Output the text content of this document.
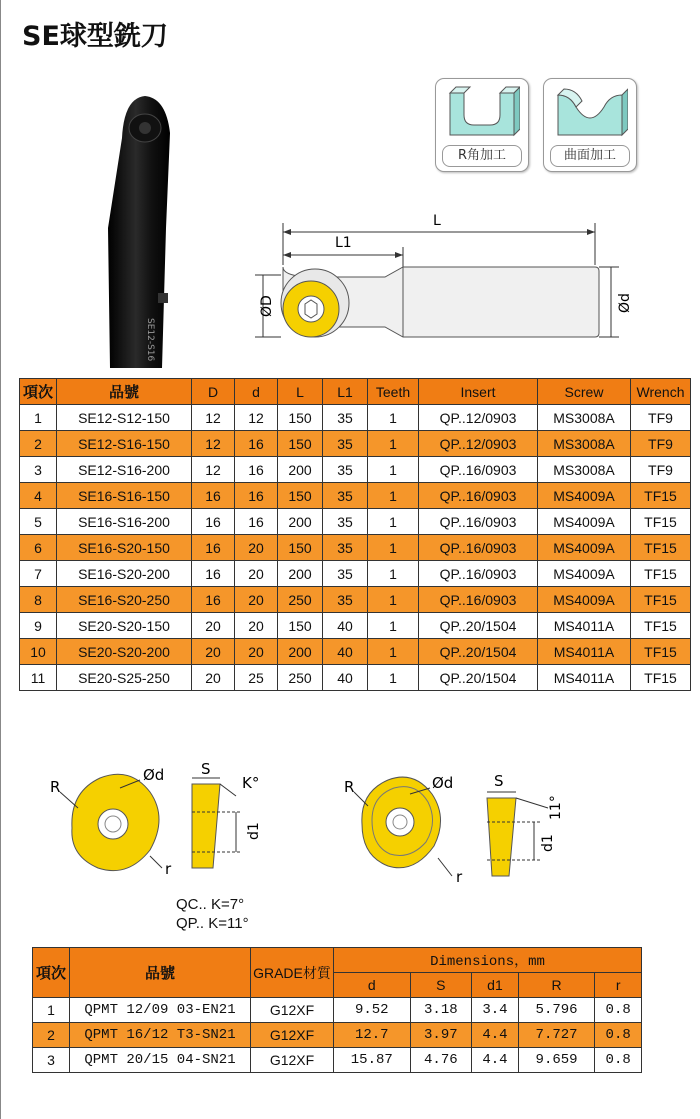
SE球型銑刀
SE12-S16
R角加工	曲面加工
L
L1
ØD	Ød
項次	品號	D	d	L	L1	Teeth	Insert	Screw	Wrench
1	SE12-S12-150	12	12	150	35	1	QP..12/0903	MS3008A	TF9
2	SE12-S16-150	12	16	150	35	1	QP..12/0903	MS3008A	TF9
3	SE12-S16-200	12	16	200	35	1	QP..16/0903	MS3008A	TF9
4	SE16-S16-150	16	16	150	35	1	QP..16/0903	MS4009A	TF15
5	SE16-S16-200	16	16	200	35	1	QP..16/0903	MS4009A	TF15
6	SE16-S20-150	16	20	150	35	1	QP..16/0903	MS4009A	TF15
7	SE16-S20-200	16	20	200	35	1	QP..16/0903	MS4009A	TF15
8	SE16-S20-250	16	20	250	35	1	QP..16/0903	MS4009A	TF15
9	SE20-S20-150	20	20	150	40	1	QP..20/1504	MS4011A	TF15
10	SE20-S20-200	20	20	200	40	1	QP..20/1504	MS4011A	TF15
11	SE20-S25-250	20	25	250	40	1	QP..20/1504	MS4011A	TF15
R
Ød
r
d1
S
K°	R	Ød
r
d1
S
11°
QC.. K=7°
QP.. K=11°
項次	品號	GRADE材質	Dimensions，mm				
			d	S	d1	R	r
1	QPMT 12/09 03-EN21	G12XF	9.52	3.18	3.4	5.796	0.8
2	QPMT 16/12 T3-SN21	G12XF	12.7	3.97	4.4	7.727	0.8
3	QPMT 20/15 04-SN21	G12XF	15.87	4.76	4.4	9.659	0.8
